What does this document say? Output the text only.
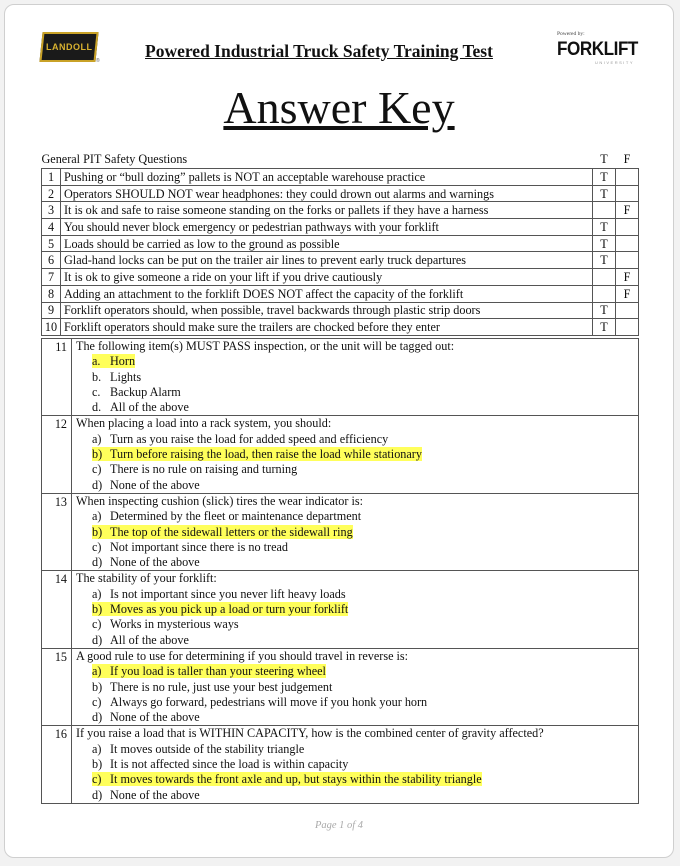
LANDOLL
®	Powered Industrial Truck Safety Training Test
Powered by:
FORKLIFT
UNIVERSITY
Answer Key
General PIT Safety Questions		T	F
1	Pushing or “bull dozing” pallets is NOT an acceptable warehouse practice	T	
2	Operators SHOULD NOT wear headphones: they could drown out alarms and warnings	T	
3	It is ok and safe to raise someone standing on the forks or pallets if they have a harness		F
4	You should never block emergency or pedestrian pathways with your forklift	T	
5	Loads should be carried as low to the ground as possible	T	
6	Glad-hand locks can be put on the trailer air lines to prevent early truck departures	T	
7	It is ok to give someone a ride on your lift if you drive cautiously		F
8	Adding an attachment to the forklift DOES NOT affect the capacity of the forklift		F
9	Forklift operators should, when possible, travel backwards through plastic strip doors	T	
10	Forklift operators should make sure the trailers are chocked before they enter	T	
11	The following item(s) MUST PASS inspection, or the unit will be tagged out:
a. Horn
b. Lights
c. Backup Alarm
d. All of the above

12	When placing a load into a rack system, you should:
a) Turn as you raise the load for added speed and efficiency
b) Turn before raising the load, then raise the load while stationary
c) There is no rule on raising and turning
d) None of the above

13	When inspecting cushion (slick) tires the wear indicator is:
a) Determined by the fleet or maintenance department
b) The top of the sidewall letters or the sidewall ring
c) Not important since there is no tread
d) None of the above

14	The stability of your forklift:
a) Is not important since you never lift heavy loads
b) Moves as you pick up a load or turn your forklift
c) Works in mysterious ways
d) All of the above

15	A good rule to use for determining if you should travel in reverse is:
a) If you load is taller than your steering wheel
b) There is no rule, just use your best judgement
c) Always go forward, pedestrians will move if you honk your horn
d) None of the above

16	If you raise a load that is WITHIN CAPACITY, how is the combined center of gravity affected?
a) It moves outside of the stability triangle
b) It is not affected since the load is within capacity
c) It moves towards the front axle and up, but stays within the stability triangle
d) None of the above
Page 1 of 4
